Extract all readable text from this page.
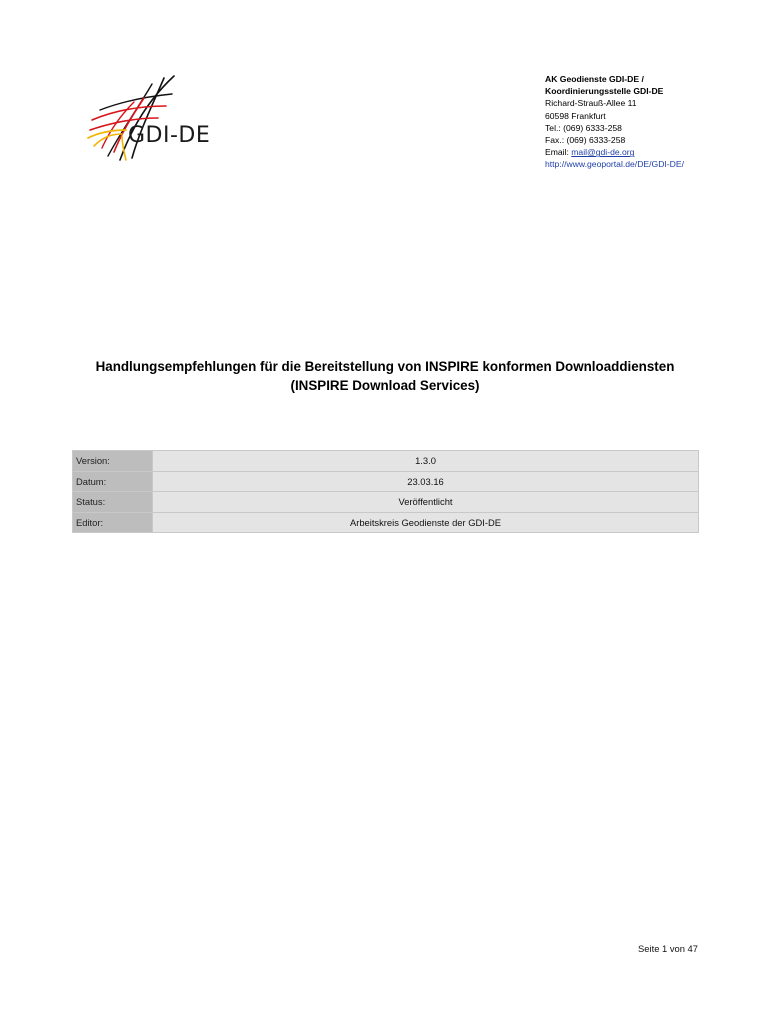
GDI-DE
AK Geodienste GDI-DE /
Koordinierungsstelle GDI-DE
Richard-Strauß-Allee 11
60598 Frankfurt
Tel.: (069) 6333-258
Fax.: (069) 6333-258
Email: mail@gdi-de.org
http://www.geoportal.de/DE/GDI-DE/
Handlungsempfehlungen für die Bereitstellung von INSPIRE konformen Downloaddiensten
(INSPIRE Download Services)
Version:	1.3.0
Datum:	23.03.16
Status:	Veröffentlicht
Editor:	Arbeitskreis Geodienste der GDI-DE
Seite 1 von 47
